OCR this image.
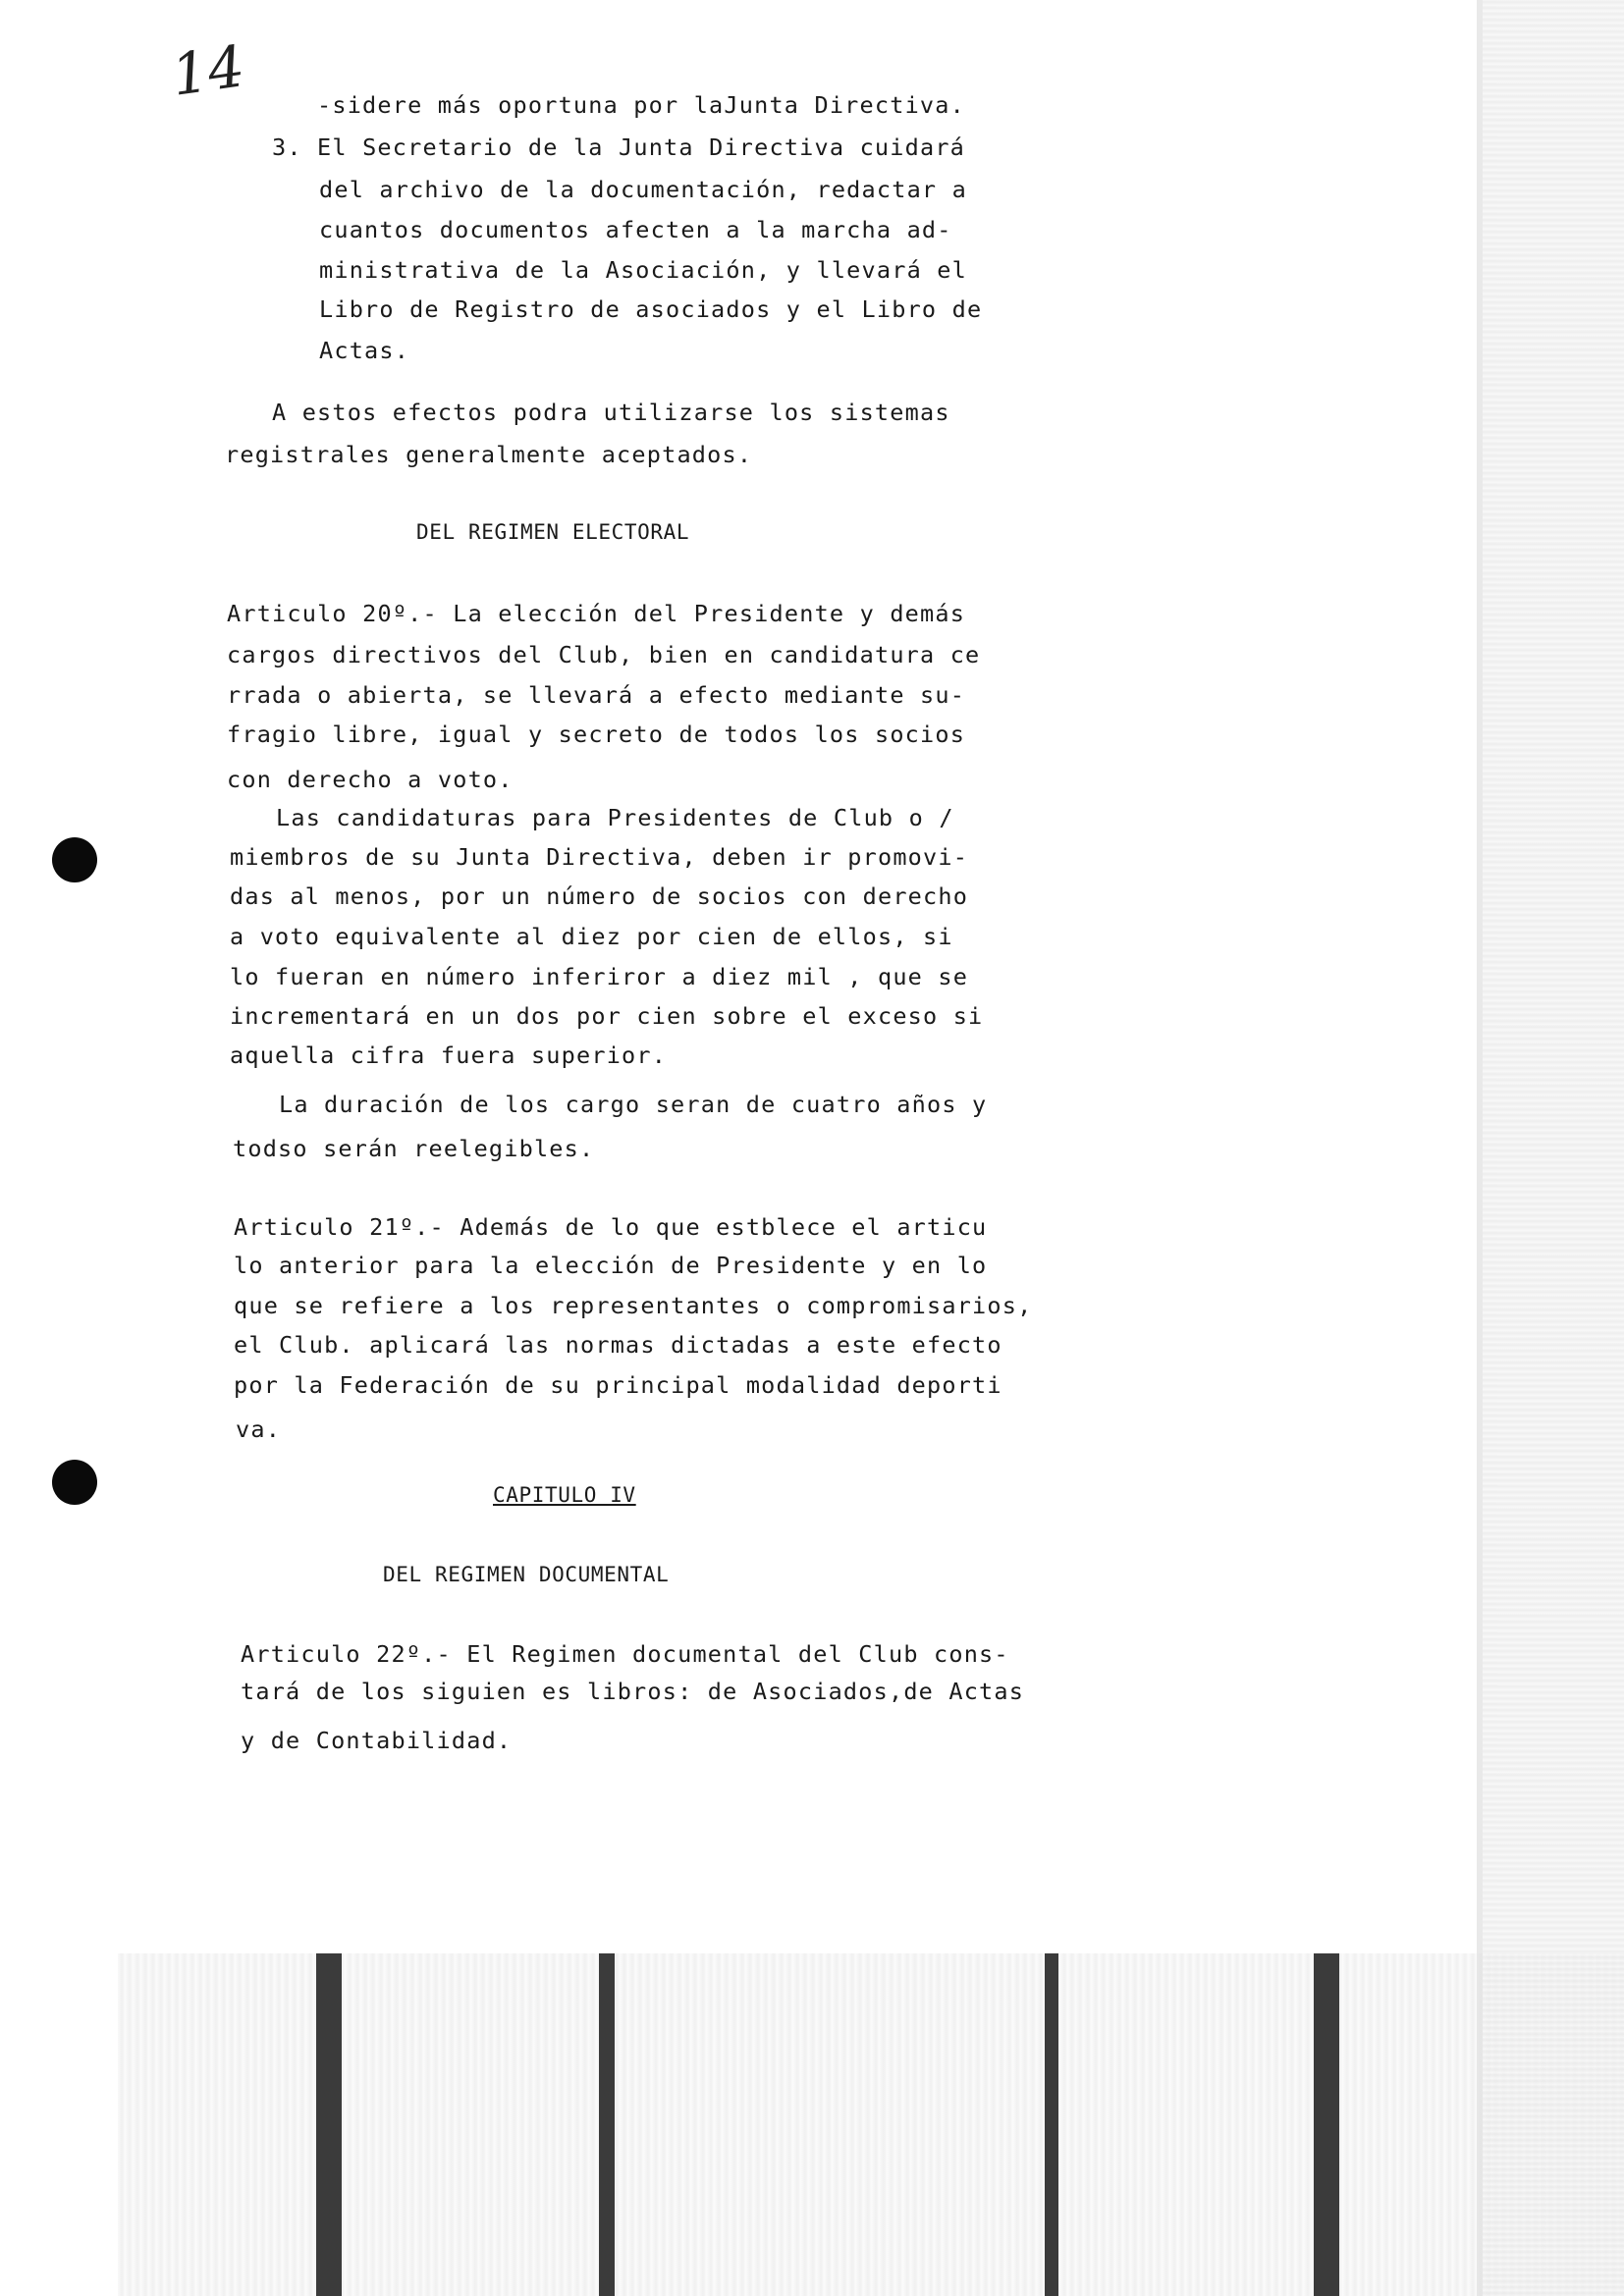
14	-sidere más oportuna por laJunta Directiva.
3. El Secretario de la Junta Directiva cuidará
del archivo de la documentación, redactar a
cuantos documentos afecten a la marcha ad-
ministrativa de la Asociación, y llevará el
Libro de Registro de asociados y el Libro de
Actas.
A estos efectos podra utilizarse los sistemas
registrales generalmente aceptados.
DEL REGIMEN ELECTORAL
Articulo 20º.- La elección del Presidente y demás
cargos directivos del Club, bien en candidatura ce
rrada o abierta, se llevará a efecto mediante su-
fragio libre, igual y secreto de todos los socios
con derecho a voto.
Las candidaturas para Presidentes de Club o /
miembros de su Junta Directiva, deben ir promovi-
das al menos, por un número de socios con derecho
a voto equivalente al diez por cien de ellos, si
lo fueran en número inferiror a diez mil , que se
incrementará en un dos por cien sobre el exceso si
aquella cifra fuera superior.
La duración de los cargo seran de cuatro años y
todso serán reelegibles.
Articulo 21º.- Además de lo que estblece el articu
lo anterior para la elección de Presidente y en lo
que se refiere a los representantes o compromisarios,
el Club. aplicará las normas dictadas a este efecto
por la Federación de su principal modalidad deporti
va.
CAPITULO IV
DEL REGIMEN DOCUMENTAL
Articulo 22º.- El Regimen documental del Club cons-
tará de los siguien es libros: de Asociados,de Actas
y de Contabilidad.
